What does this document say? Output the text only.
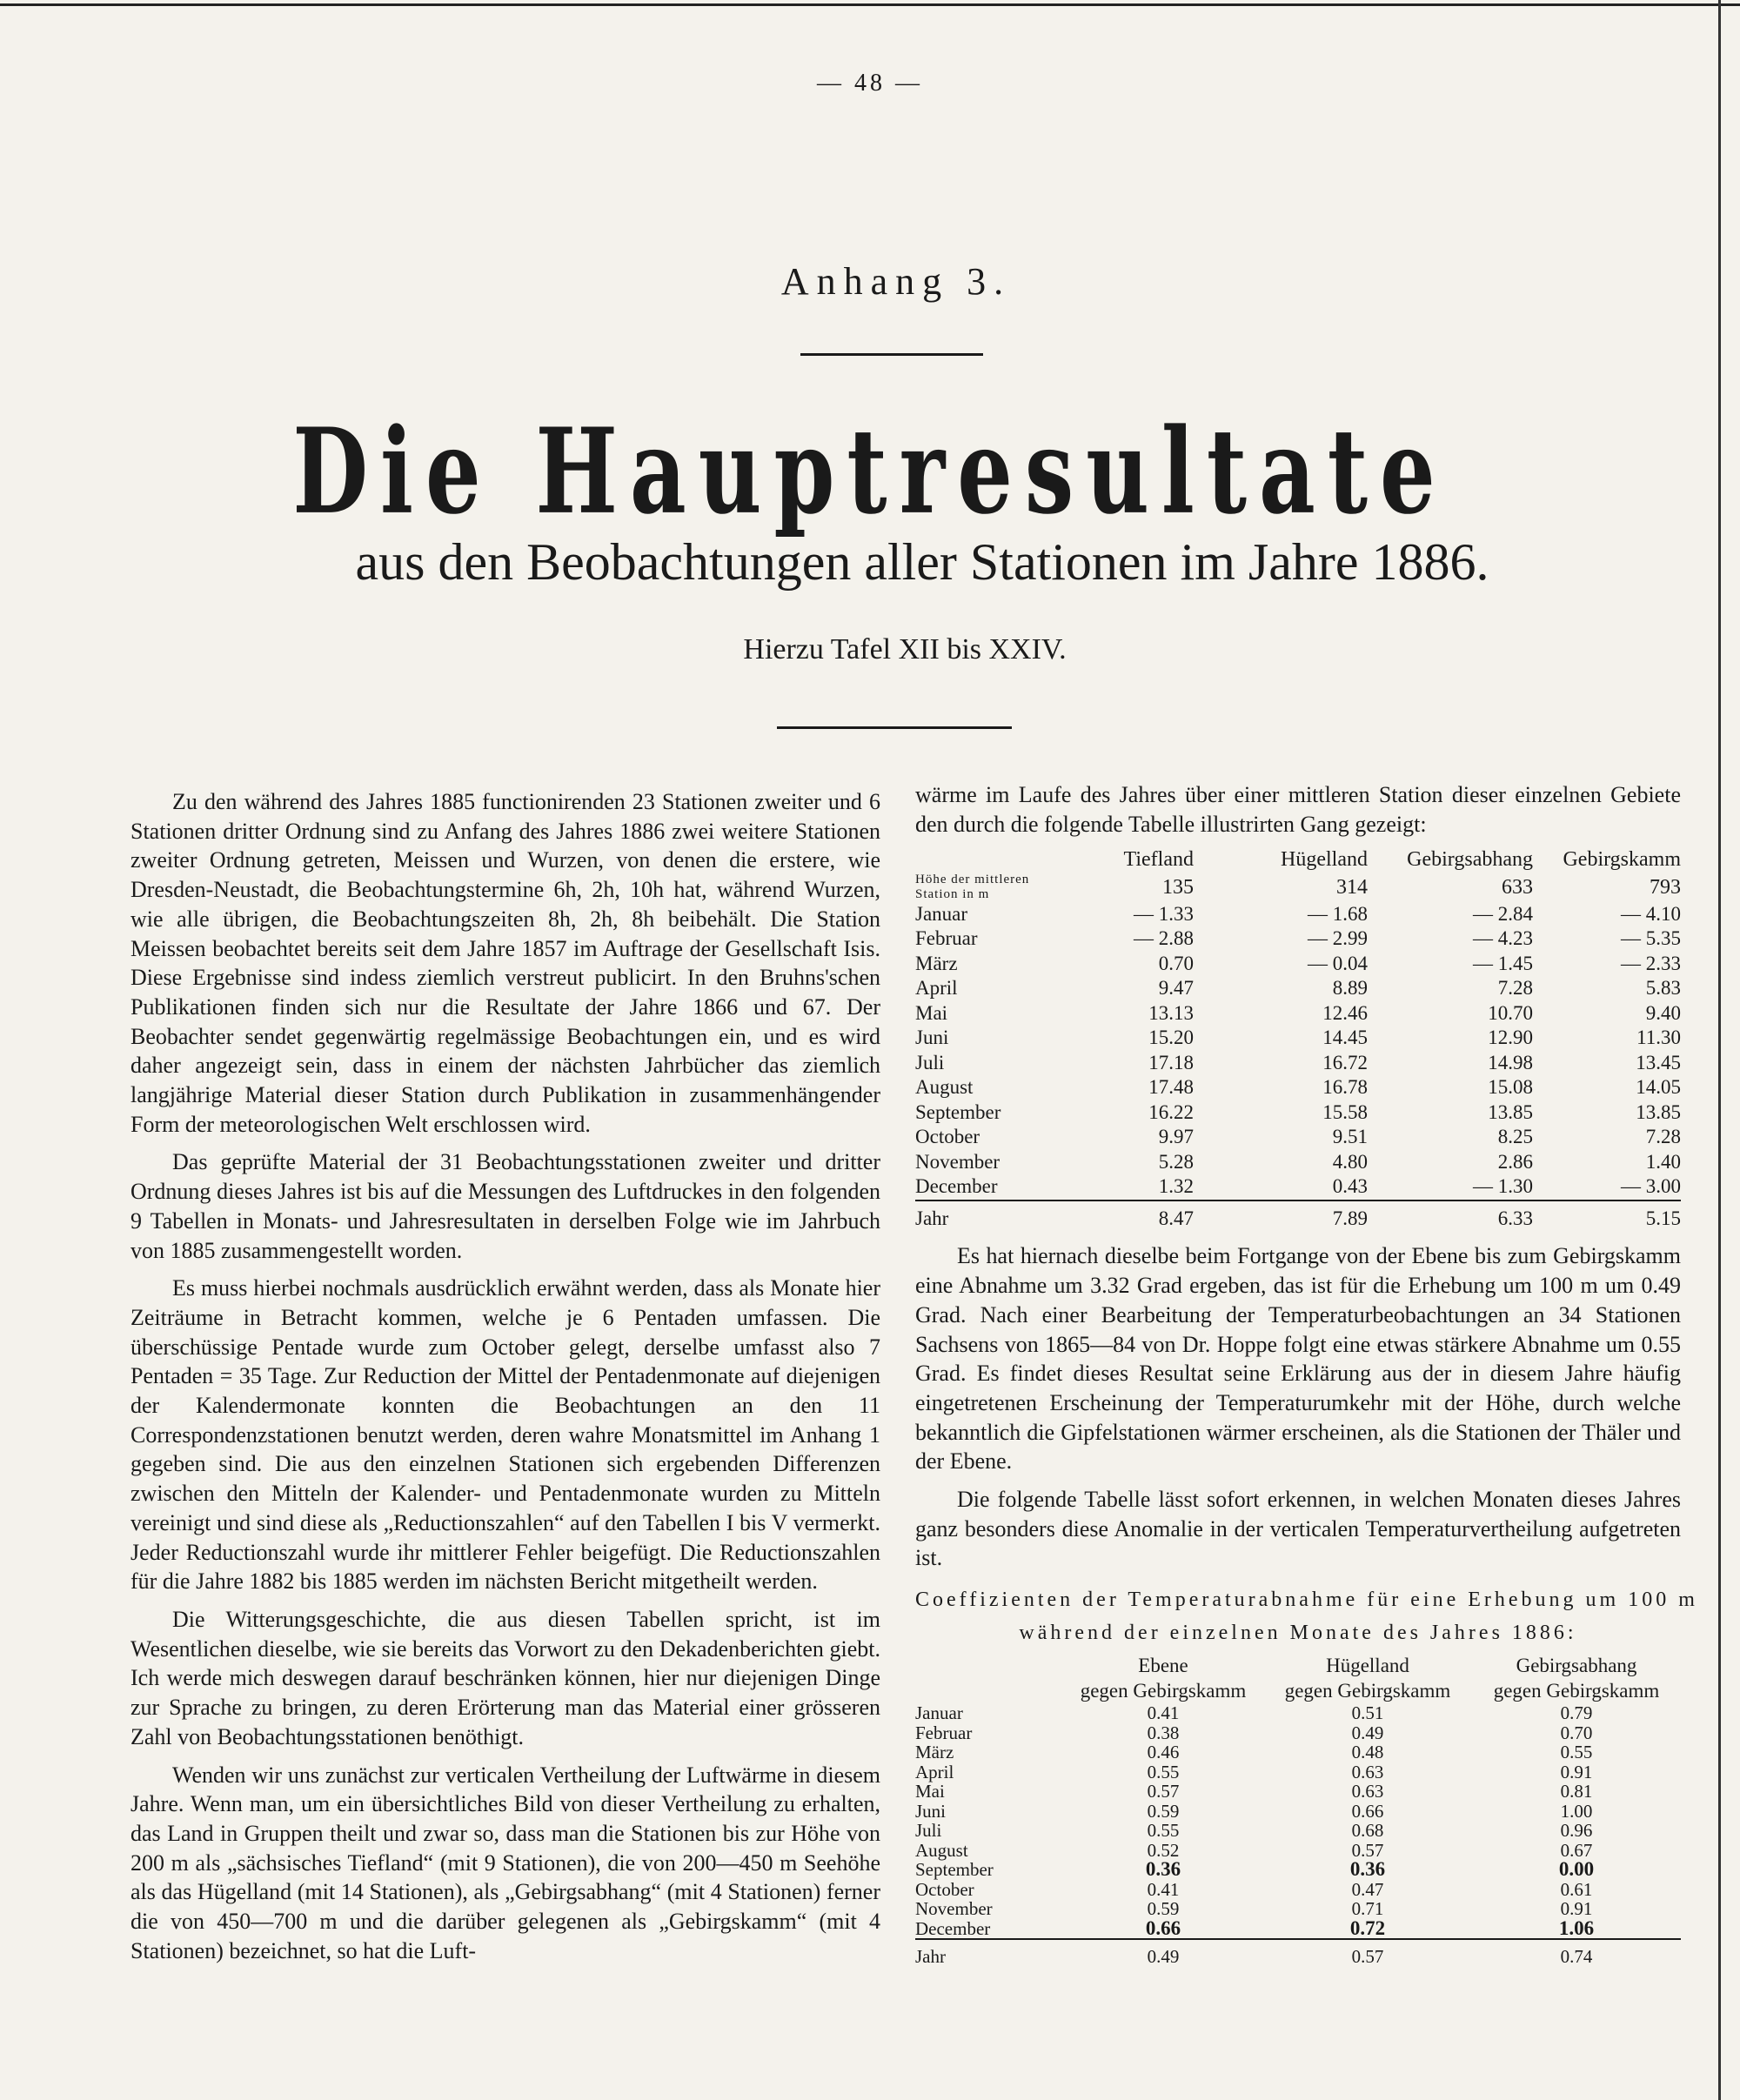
— 48 —
Anhang 3.
Die Hauptresultate
aus den Beobachtungen aller Stationen im Jahre 1886.
Hierzu Tafel XII bis XXIV.

Zu den während des Jahres 1885 functionirenden 23 Stationen zweiter und 6 Stationen dritter Ordnung sind zu Anfang des Jahres 1886 zwei weitere Stationen zweiter Ordnung getreten, Meissen und Wurzen, von denen die erstere, wie Dresden-Neustadt, die Beobachtungstermine 6h, 2h, 10h hat, während Wurzen, wie alle übrigen, die Beobachtungszeiten 8h, 2h, 8h beibehält. Die Station Meissen beobachtet bereits seit dem Jahre 1857 im Auftrage der Gesellschaft Isis. Diese Ergebnisse sind indess ziemlich verstreut publicirt. In den Bruhns'schen Publikationen finden sich nur die Resultate der Jahre 1866 und 67. Der Beobachter sendet gegenwärtig regelmässige Beobachtungen ein, und es wird daher angezeigt sein, dass in einem der nächsten Jahrbücher das ziemlich langjährige Material dieser Station durch Publikation in zusammenhängender Form der meteorologischen Welt erschlossen wird.

Das geprüfte Material der 31 Beobachtungsstationen zweiter und dritter Ordnung dieses Jahres ist bis auf die Messungen des Luftdruckes in den folgenden 9 Tabellen in Monats- und Jahresresultaten in derselben Folge wie im Jahrbuch von 1885 zusammengestellt worden.

Es muss hierbei nochmals ausdrücklich erwähnt werden, dass als Monate hier Zeiträume in Betracht kommen, welche je 6 Pentaden umfassen. Die überschüssige Pentade wurde zum October gelegt, derselbe umfasst also 7 Pentaden = 35 Tage. Zur Reduction der Mittel der Pentadenmonate auf diejenigen der Kalendermonate konnten die Beobachtungen an den 11 Correspondenzstationen benutzt werden, deren wahre Monatsmittel im Anhang 1 gegeben sind. Die aus den einzelnen Stationen sich ergebenden Differenzen zwischen den Mitteln der Kalender- und Pentadenmonate wurden zu Mitteln vereinigt und sind diese als „Reductionszahlen“ auf den Tabellen I bis V vermerkt. Jeder Reductionszahl wurde ihr mittlerer Fehler beigefügt. Die Reductionszahlen für die Jahre 1882 bis 1885 werden im nächsten Bericht mitgetheilt werden.

Die Witterungsgeschichte, die aus diesen Tabellen spricht, ist im Wesentlichen dieselbe, wie sie bereits das Vorwort zu den Dekadenberichten giebt. Ich werde mich deswegen darauf beschränken können, hier nur diejenigen Dinge zur Sprache zu bringen, zu deren Erörterung man das Material einer grösseren Zahl von Beobachtungsstationen benöthigt.

Wenden wir uns zunächst zur verticalen Vertheilung der Luftwärme in diesem Jahre. Wenn man, um ein übersichtliches Bild von dieser Vertheilung zu erhalten, das Land in Gruppen theilt und zwar so, dass man die Stationen bis zur Höhe von 200 m als „sächsisches Tiefland“ (mit 9 Stationen), die von 200—450 m Seehöhe als das Hügelland (mit 14 Stationen), als „Gebirgsabhang“ (mit 4 Stationen) ferner die von 450—700 m und die darüber gelegenen als „Gebirgskamm“ (mit 4 Stationen) bezeichnet, so hat die Luft-

wärme im Laufe des Jahres über einer mittleren Station dieser einzelnen Gebiete den durch die folgende Tabelle illustrirten Gang gezeigt:

	Tiefland	Hügelland	Gebirgsabhang	Gebirgskamm
Höhe der mittleren Station in m	135	314	633	793
Januar	— 1.33	— 1.68	— 2.84	— 4.10
Februar	— 2.88	— 2.99	— 4.23	— 5.35
März	0.70	— 0.04	— 1.45	— 2.33
April	9.47	8.89	7.28	5.83
Mai	13.13	12.46	10.70	9.40
Juni	15.20	14.45	12.90	11.30
Juli	17.18	16.72	14.98	13.45
August	17.48	16.78	15.08	14.05
September	16.22	15.58	13.85	13.85
October	9.97	9.51	8.25	7.28
November	5.28	4.80	2.86	1.40
December	1.32	0.43	— 1.30	— 3.00
Jahr	8.47	7.89	6.33	5.15

Es hat hiernach dieselbe beim Fortgange von der Ebene bis zum Gebirgskamm eine Abnahme um 3.32 Grad ergeben, das ist für die Erhebung um 100 m um 0.49 Grad. Nach einer Bearbeitung der Temperaturbeobachtungen an 34 Stationen Sachsens von 1865—84 von Dr. Hoppe folgt eine etwas stärkere Abnahme um 0.55 Grad. Es findet dieses Resultat seine Erklärung aus der in diesem Jahre häufig eingetretenen Erscheinung der Temperaturumkehr mit der Höhe, durch welche bekanntlich die Gipfelstationen wärmer erscheinen, als die Stationen der Thäler und der Ebene.

Die folgende Tabelle lässt sofort erkennen, in welchen Monaten dieses Jahres ganz besonders diese Anomalie in der verticalen Temperaturvertheilung aufgetreten ist.

Coeffizienten der Temperaturabnahme für eine Erhebung um 100 m
während der einzelnen Monate des Jahres 1886:
	Ebene	Hügelland	Gebirgsabhang
	gegen Gebirgskamm	gegen Gebirgskamm	gegen Gebirgskamm
Januar	0.41	0.51	0.79
Februar	0.38	0.49	0.70
März	0.46	0.48	0.55
April	0.55	0.63	0.91
Mai	0.57	0.63	0.81
Juni	0.59	0.66	1.00
Juli	0.55	0.68	0.96
August	0.52	0.57	0.67
September	0.36	0.36	0.00
October	0.41	0.47	0.61
November	0.59	0.71	0.91
December	0.66	0.72	1.06
Jahr	0.49	0.57	0.74
